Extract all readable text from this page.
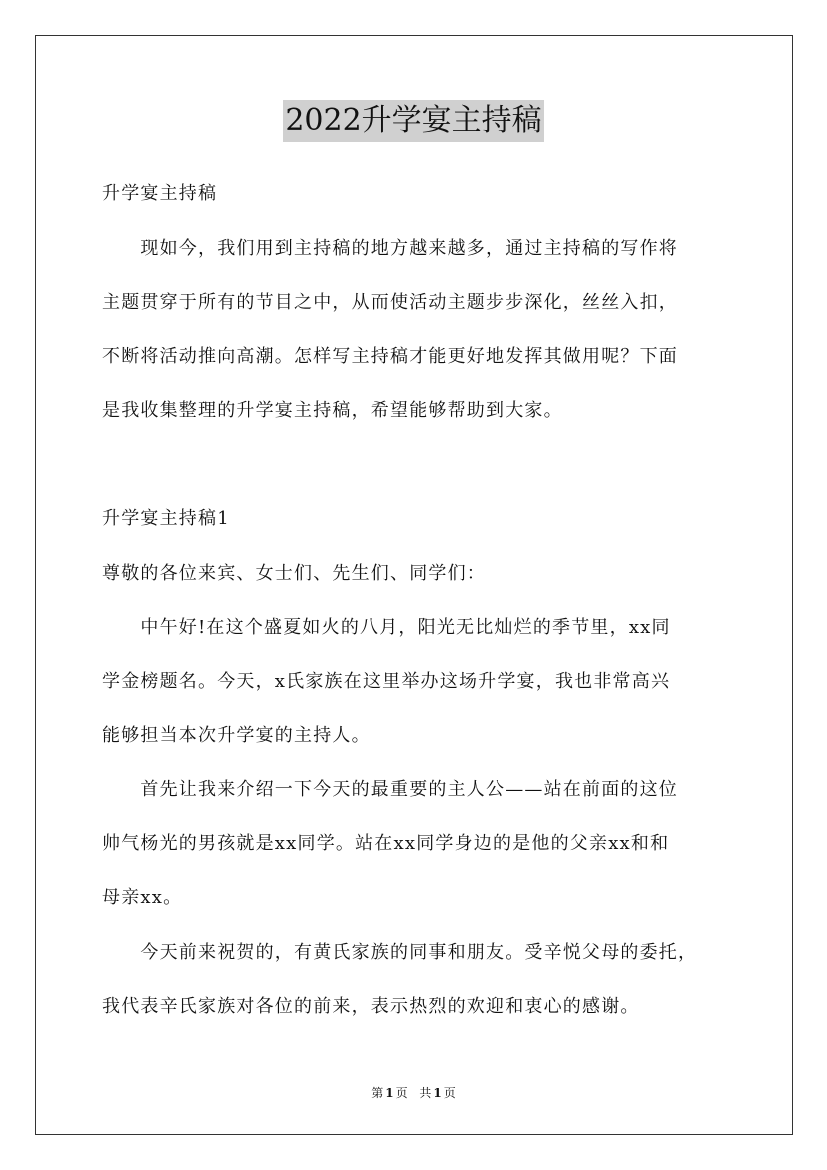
2022升学宴主持稿
升学宴主持稿
　　现如今，我们用到主持稿的地方越来越多，通过主持稿的写作将
主题贯穿于所有的节目之中，从而使活动主题步步深化，丝丝入扣，
不断将活动推向高潮。怎样写主持稿才能更好地发挥其做用呢？下面
是我收集整理的升学宴主持稿，希望能够帮助到大家。
升学宴主持稿1
尊敬的各位来宾、女士们、先生们、同学们：
　　中午好!在这个盛夏如火的八月，阳光无比灿烂的季节里，xx同
学金榜题名。今天，x氏家族在这里举办这场升学宴，我也非常高兴
能够担当本次升学宴的主持人。
　　首先让我来介绍一下今天的最重要的主人公——站在前面的这位
帅气杨光的男孩就是xx同学。站在xx同学身边的是他的父亲xx和和
母亲xx。
　　今天前来祝贺的，有黄氏家族的同事和朋友。受辛悦父母的委托，
我代表辛氏家族对各位的前来，表示热烈的欢迎和衷心的感谢。
第 1 页 共 1 页
